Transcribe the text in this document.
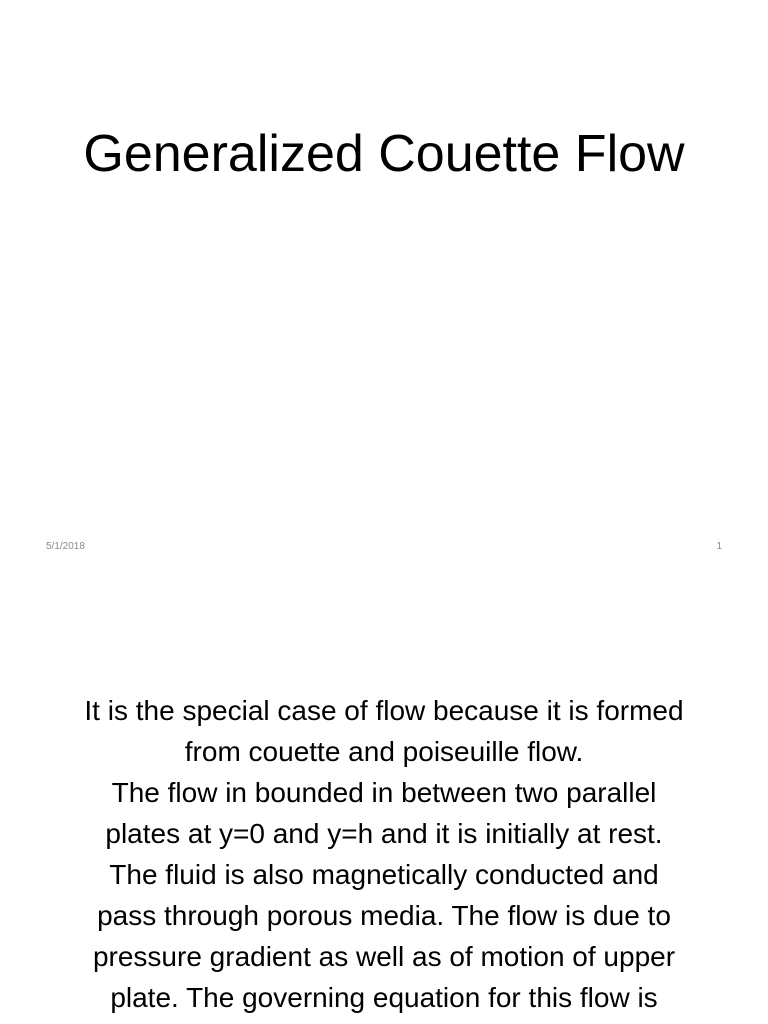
Generalized Couette Flow
5/1/2018	1

It is the special case of flow because it is formed
from couette and poiseuille flow.
The flow in bounded in between two parallel
plates at y=0 and y=h and it is initially at rest.
The fluid is also magnetically conducted and
pass through porous media. The flow is due to
pressure gradient as well as of motion of upper
plate. The governing equation for this flow is
